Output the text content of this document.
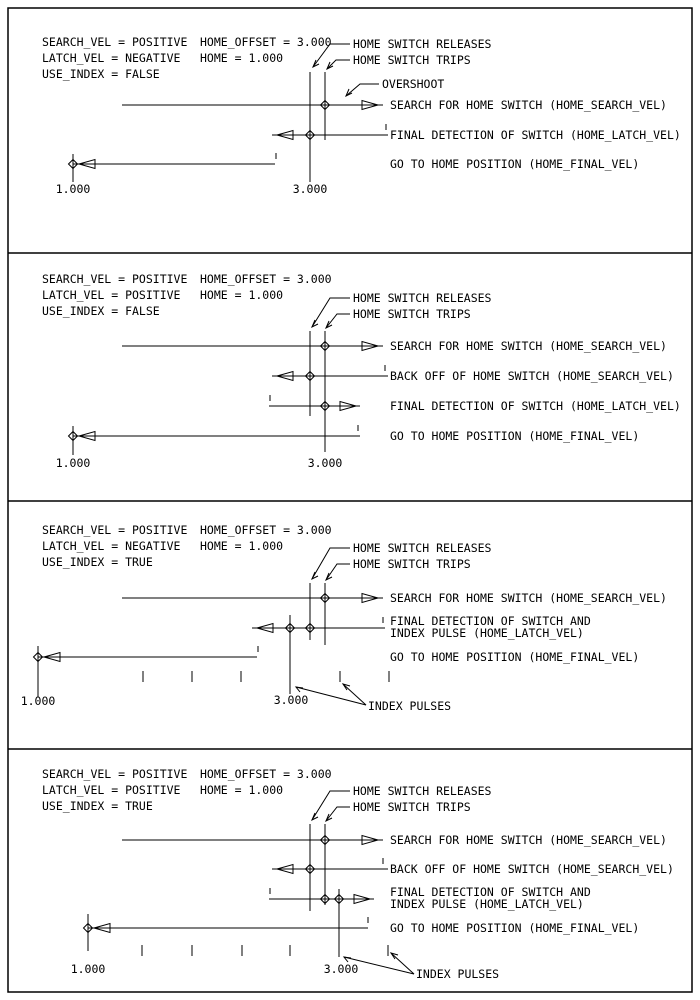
SEARCH_VEL = POSITIVE HOME_OFFSET = 3.000
LATCH_VEL = NEGATIVE HOME = 1.000
USE_INDEX = FALSE
HOME SWITCH RELEASES
HOME SWITCH TRIPS
OVERSHOOT
SEARCH FOR HOME SWITCH (HOME_SEARCH_VEL)
FINAL DETECTION OF SWITCH (HOME_LATCH_VEL)
GO TO HOME POSITION (HOME_FINAL_VEL)
1.000	3.000
SEARCH_VEL = POSITIVE HOME_OFFSET = 3.000
LATCH_VEL = POSITIVE HOME = 1.000
USE_INDEX = FALSE
HOME SWITCH RELEASES
HOME SWITCH TRIPS
SEARCH FOR HOME SWITCH (HOME_SEARCH_VEL)
BACK OFF OF HOME SWITCH (HOME_SEARCH_VEL)
FINAL DETECTION OF SWITCH (HOME_LATCH_VEL)
GO TO HOME POSITION (HOME_FINAL_VEL)
1.000	3.000
SEARCH_VEL = POSITIVE HOME_OFFSET = 3.000
LATCH_VEL = NEGATIVE HOME = 1.000
USE_INDEX = TRUE
HOME SWITCH RELEASES
HOME SWITCH TRIPS
SEARCH FOR HOME SWITCH (HOME_SEARCH_VEL)
FINAL DETECTION OF SWITCH AND
INDEX PULSE (HOME_LATCH_VEL)
GO TO HOME POSITION (HOME_FINAL_VEL)
1.000	3.000	INDEX PULSES
SEARCH_VEL = POSITIVE HOME_OFFSET = 3.000
LATCH_VEL = POSITIVE HOME = 1.000
USE_INDEX = TRUE
HOME SWITCH RELEASES
HOME SWITCH TRIPS
SEARCH FOR HOME SWITCH (HOME_SEARCH_VEL)
BACK OFF OF HOME SWITCH (HOME_SEARCH_VEL)
FINAL DETECTION OF SWITCH AND
INDEX PULSE (HOME_LATCH_VEL)
GO TO HOME POSITION (HOME_FINAL_VEL)
1.000	3.000	INDEX PULSES
